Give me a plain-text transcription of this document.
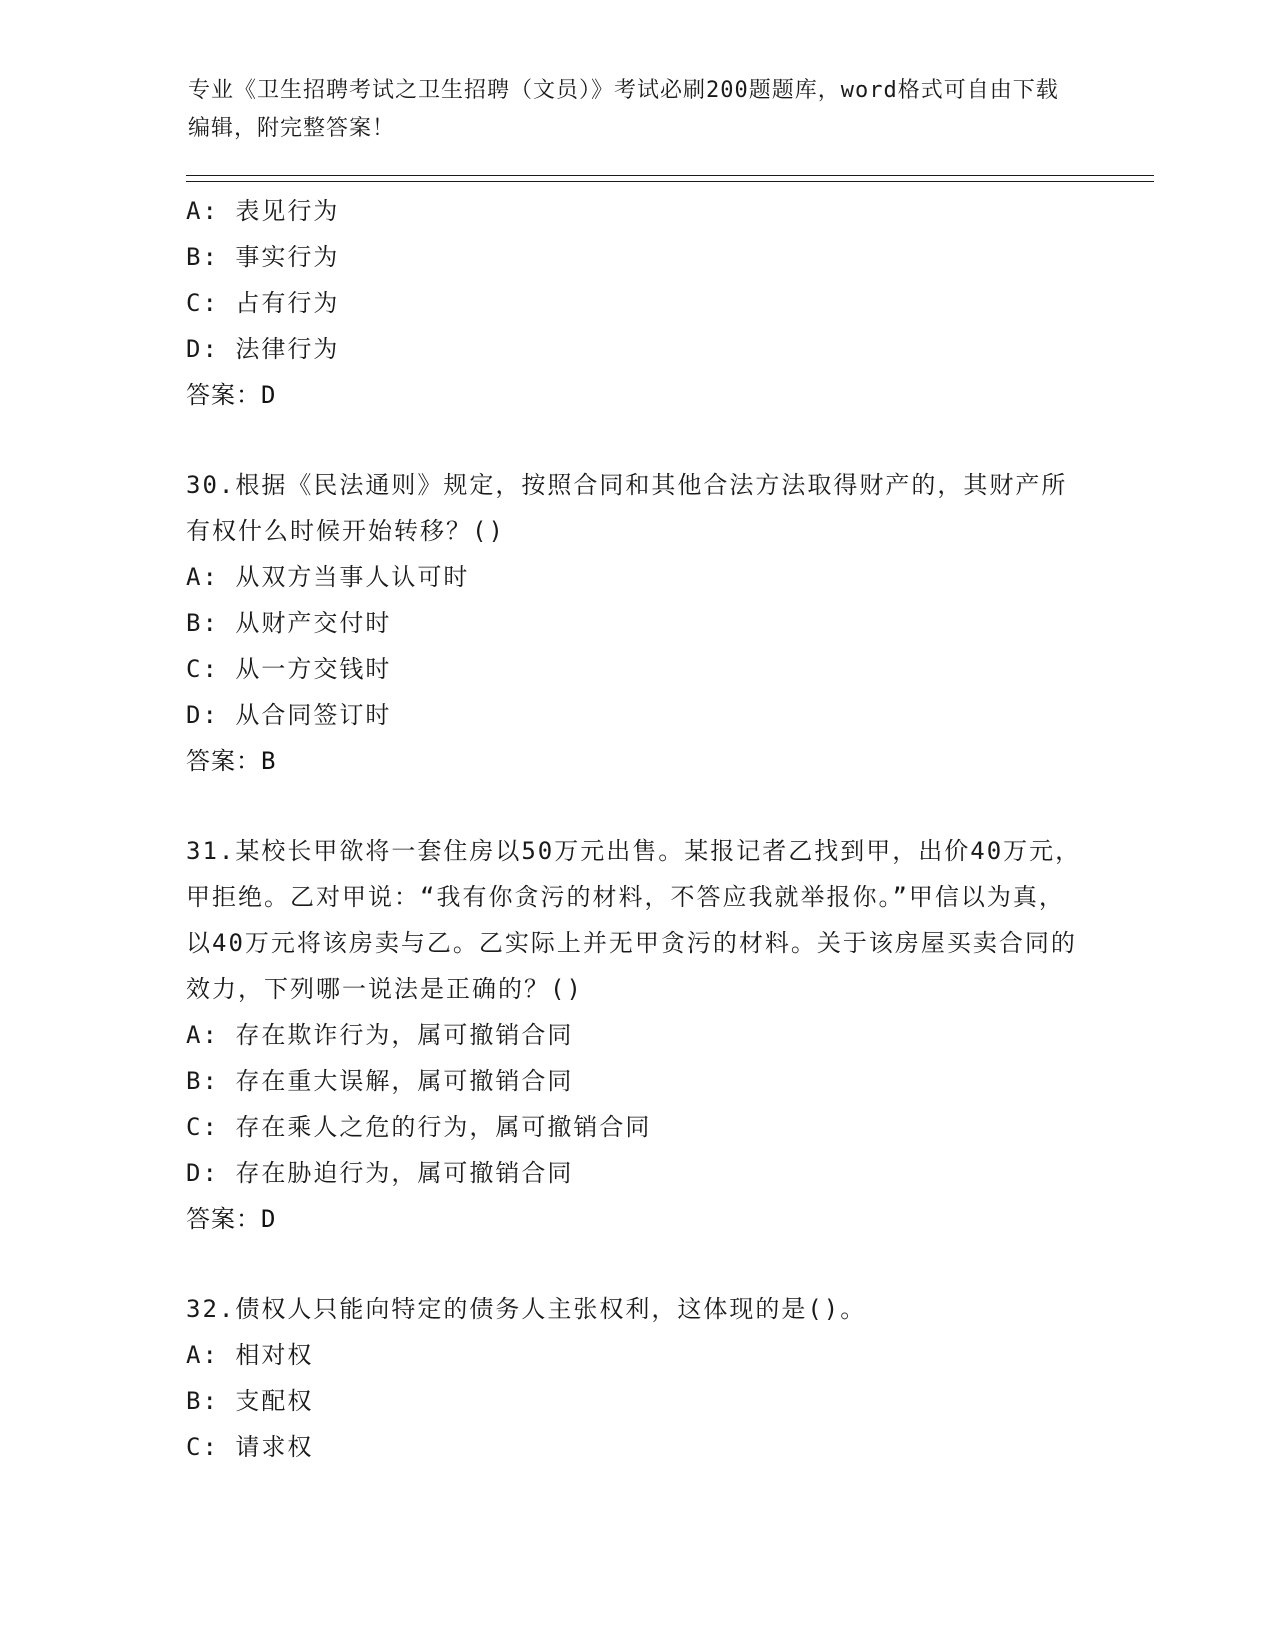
专业《卫生招聘考试之卫生招聘（文员）》考试必刷200题题库，word格式可自由下载编辑，附完整答案！
A: 表见行为
B: 事实行为
C: 占有行为
D: 法律行为
答案：D
30.根据《民法通则》规定，按照合同和其他合法方法取得财产的，其财产所有权什么时候开始转移？()
A: 从双方当事人认可时
B: 从财产交付时
C: 从一方交钱时
D: 从合同签订时
答案：B
31.某校长甲欲将一套住房以50万元出售。某报记者乙找到甲，出价40万元，甲拒绝。乙对甲说：“我有你贪污的材料，不答应我就举报你。”甲信以为真，以40万元将该房卖与乙。乙实际上并无甲贪污的材料。关于该房屋买卖合同的效力，下列哪一说法是正确的？()
A: 存在欺诈行为，属可撤销合同
B: 存在重大误解，属可撤销合同
C: 存在乘人之危的行为，属可撤销合同
D: 存在胁迫行为，属可撤销合同
答案：D
32.债权人只能向特定的债务人主张权利，这体现的是()。
A: 相对权
B: 支配权
C: 请求权
